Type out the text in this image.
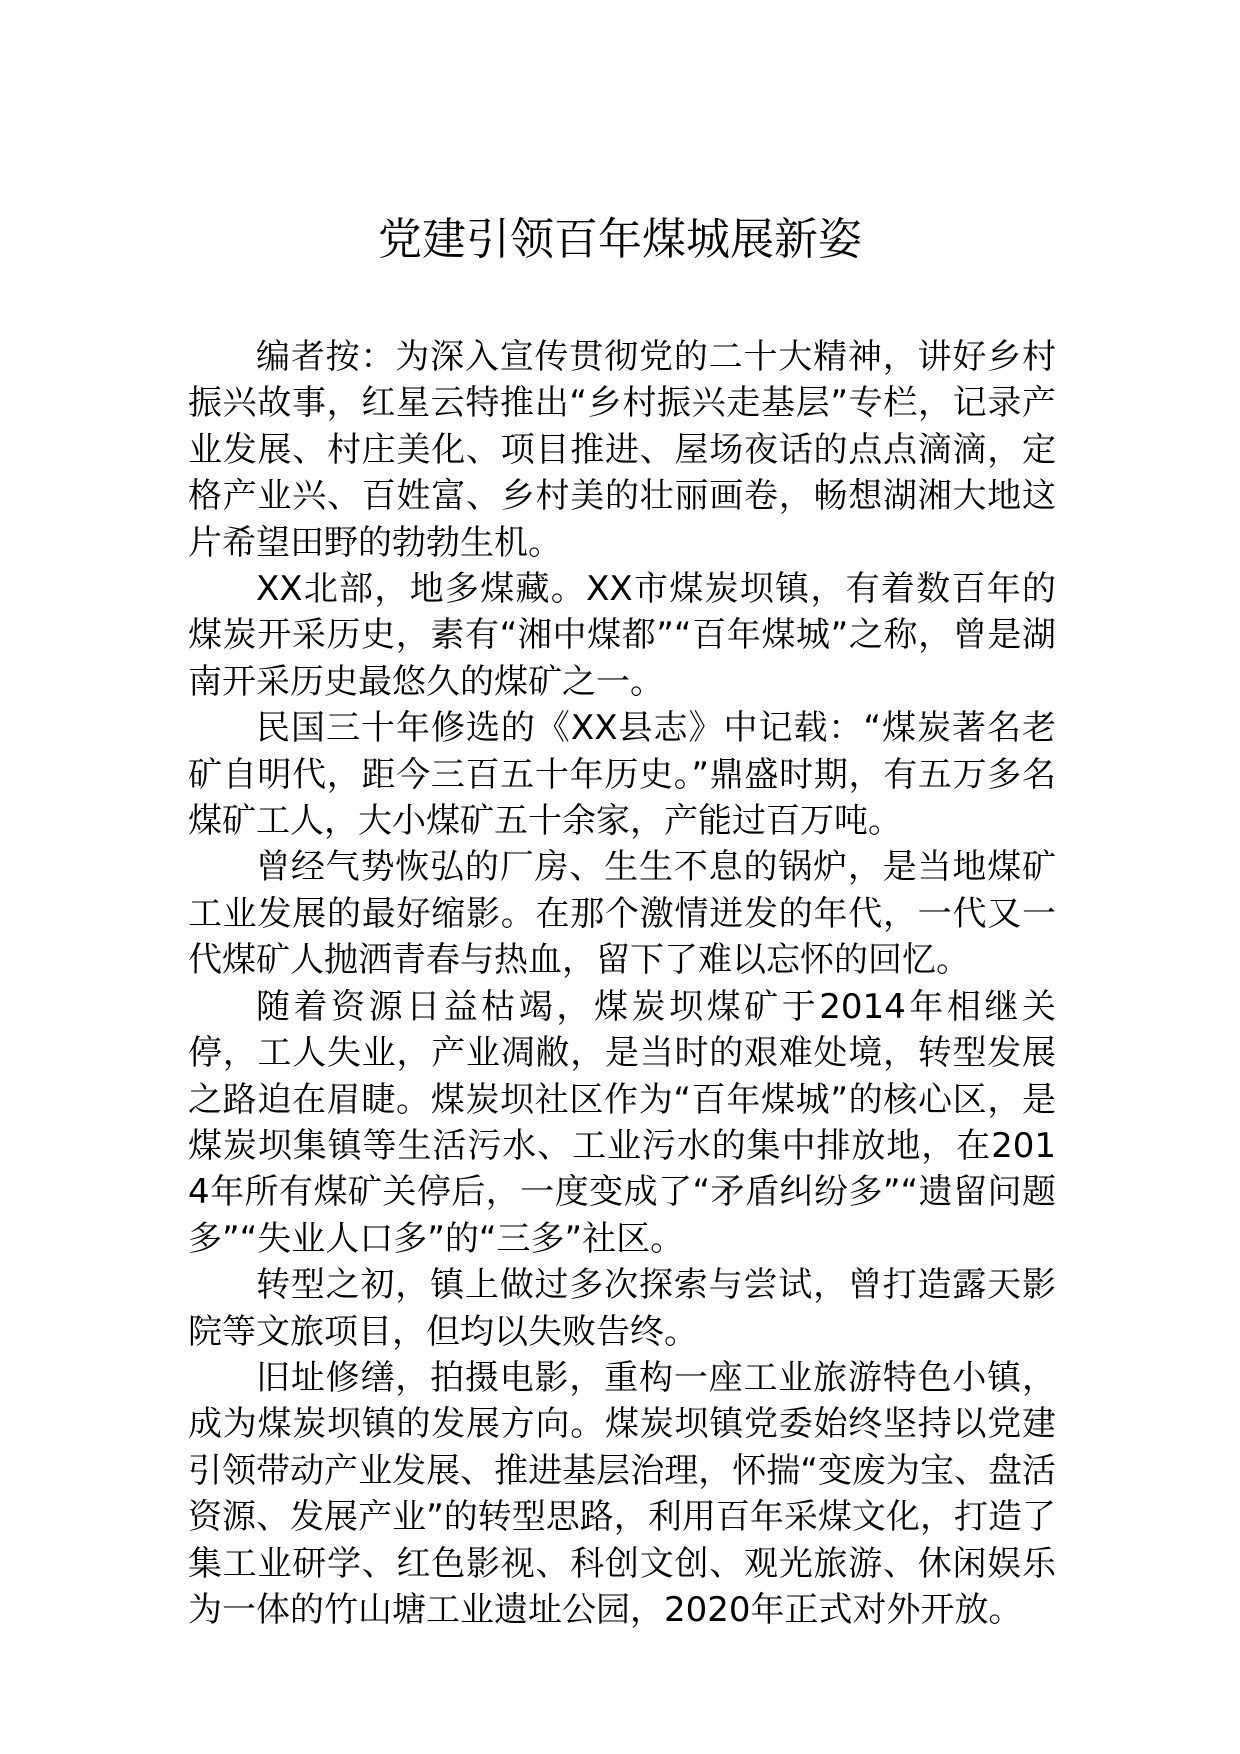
党建引领百年煤城展新姿

编者按：为深入宣传贯彻党的二十大精神，讲好乡村振兴故事，红星云特推出“乡村振兴走基层”专栏，记录产业发展、村庄美化、项目推进、屋场夜话的点点滴滴，定格产业兴、百姓富、乡村美的壮丽画卷，畅想湖湘大地这片希望田野的勃勃生机。

XX北部，地多煤藏。XX市煤炭坝镇，有着数百年的煤炭开采历史，素有“湘中煤都”“百年煤城”之称，曾是湖南开采历史最悠久的煤矿之一。

民国三十年修选的《XX县志》中记载：“煤炭著名老矿自明代，距今三百五十年历史。”鼎盛时期，有五万多名煤矿工人，大小煤矿五十余家，产能过百万吨。

曾经气势恢弘的厂房、生生不息的锅炉，是当地煤矿工业发展的最好缩影。在那个激情迸发的年代，一代又一代煤矿人抛洒青春与热血，留下了难以忘怀的回忆。

随着资源日益枯竭，煤炭坝煤矿于2014年相继关停，工人失业，产业凋敝，是当时的艰难处境，转型发展之路迫在眉睫。煤炭坝社区作为“百年煤城”的核心区，是煤炭坝集镇等生活污水、工业污水的集中排放地，在2014年所有煤矿关停后，一度变成了“矛盾纠纷多”“遗留问题多”“失业人口多”的“三多”社区。

转型之初，镇上做过多次探索与尝试，曾打造露天影院等文旅项目，但均以失败告终。

旧址修缮，拍摄电影，重构一座工业旅游特色小镇，成为煤炭坝镇的发展方向。煤炭坝镇党委始终坚持以党建引领带动产业发展、推进基层治理，怀揣“变废为宝、盘活资源、发展产业”的转型思路，利用百年采煤文化，打造了集工业研学、红色影视、科创文创、观光旅游、休闲娱乐为一体的竹山塘工业遗址公园，2020年正式对外开放。
